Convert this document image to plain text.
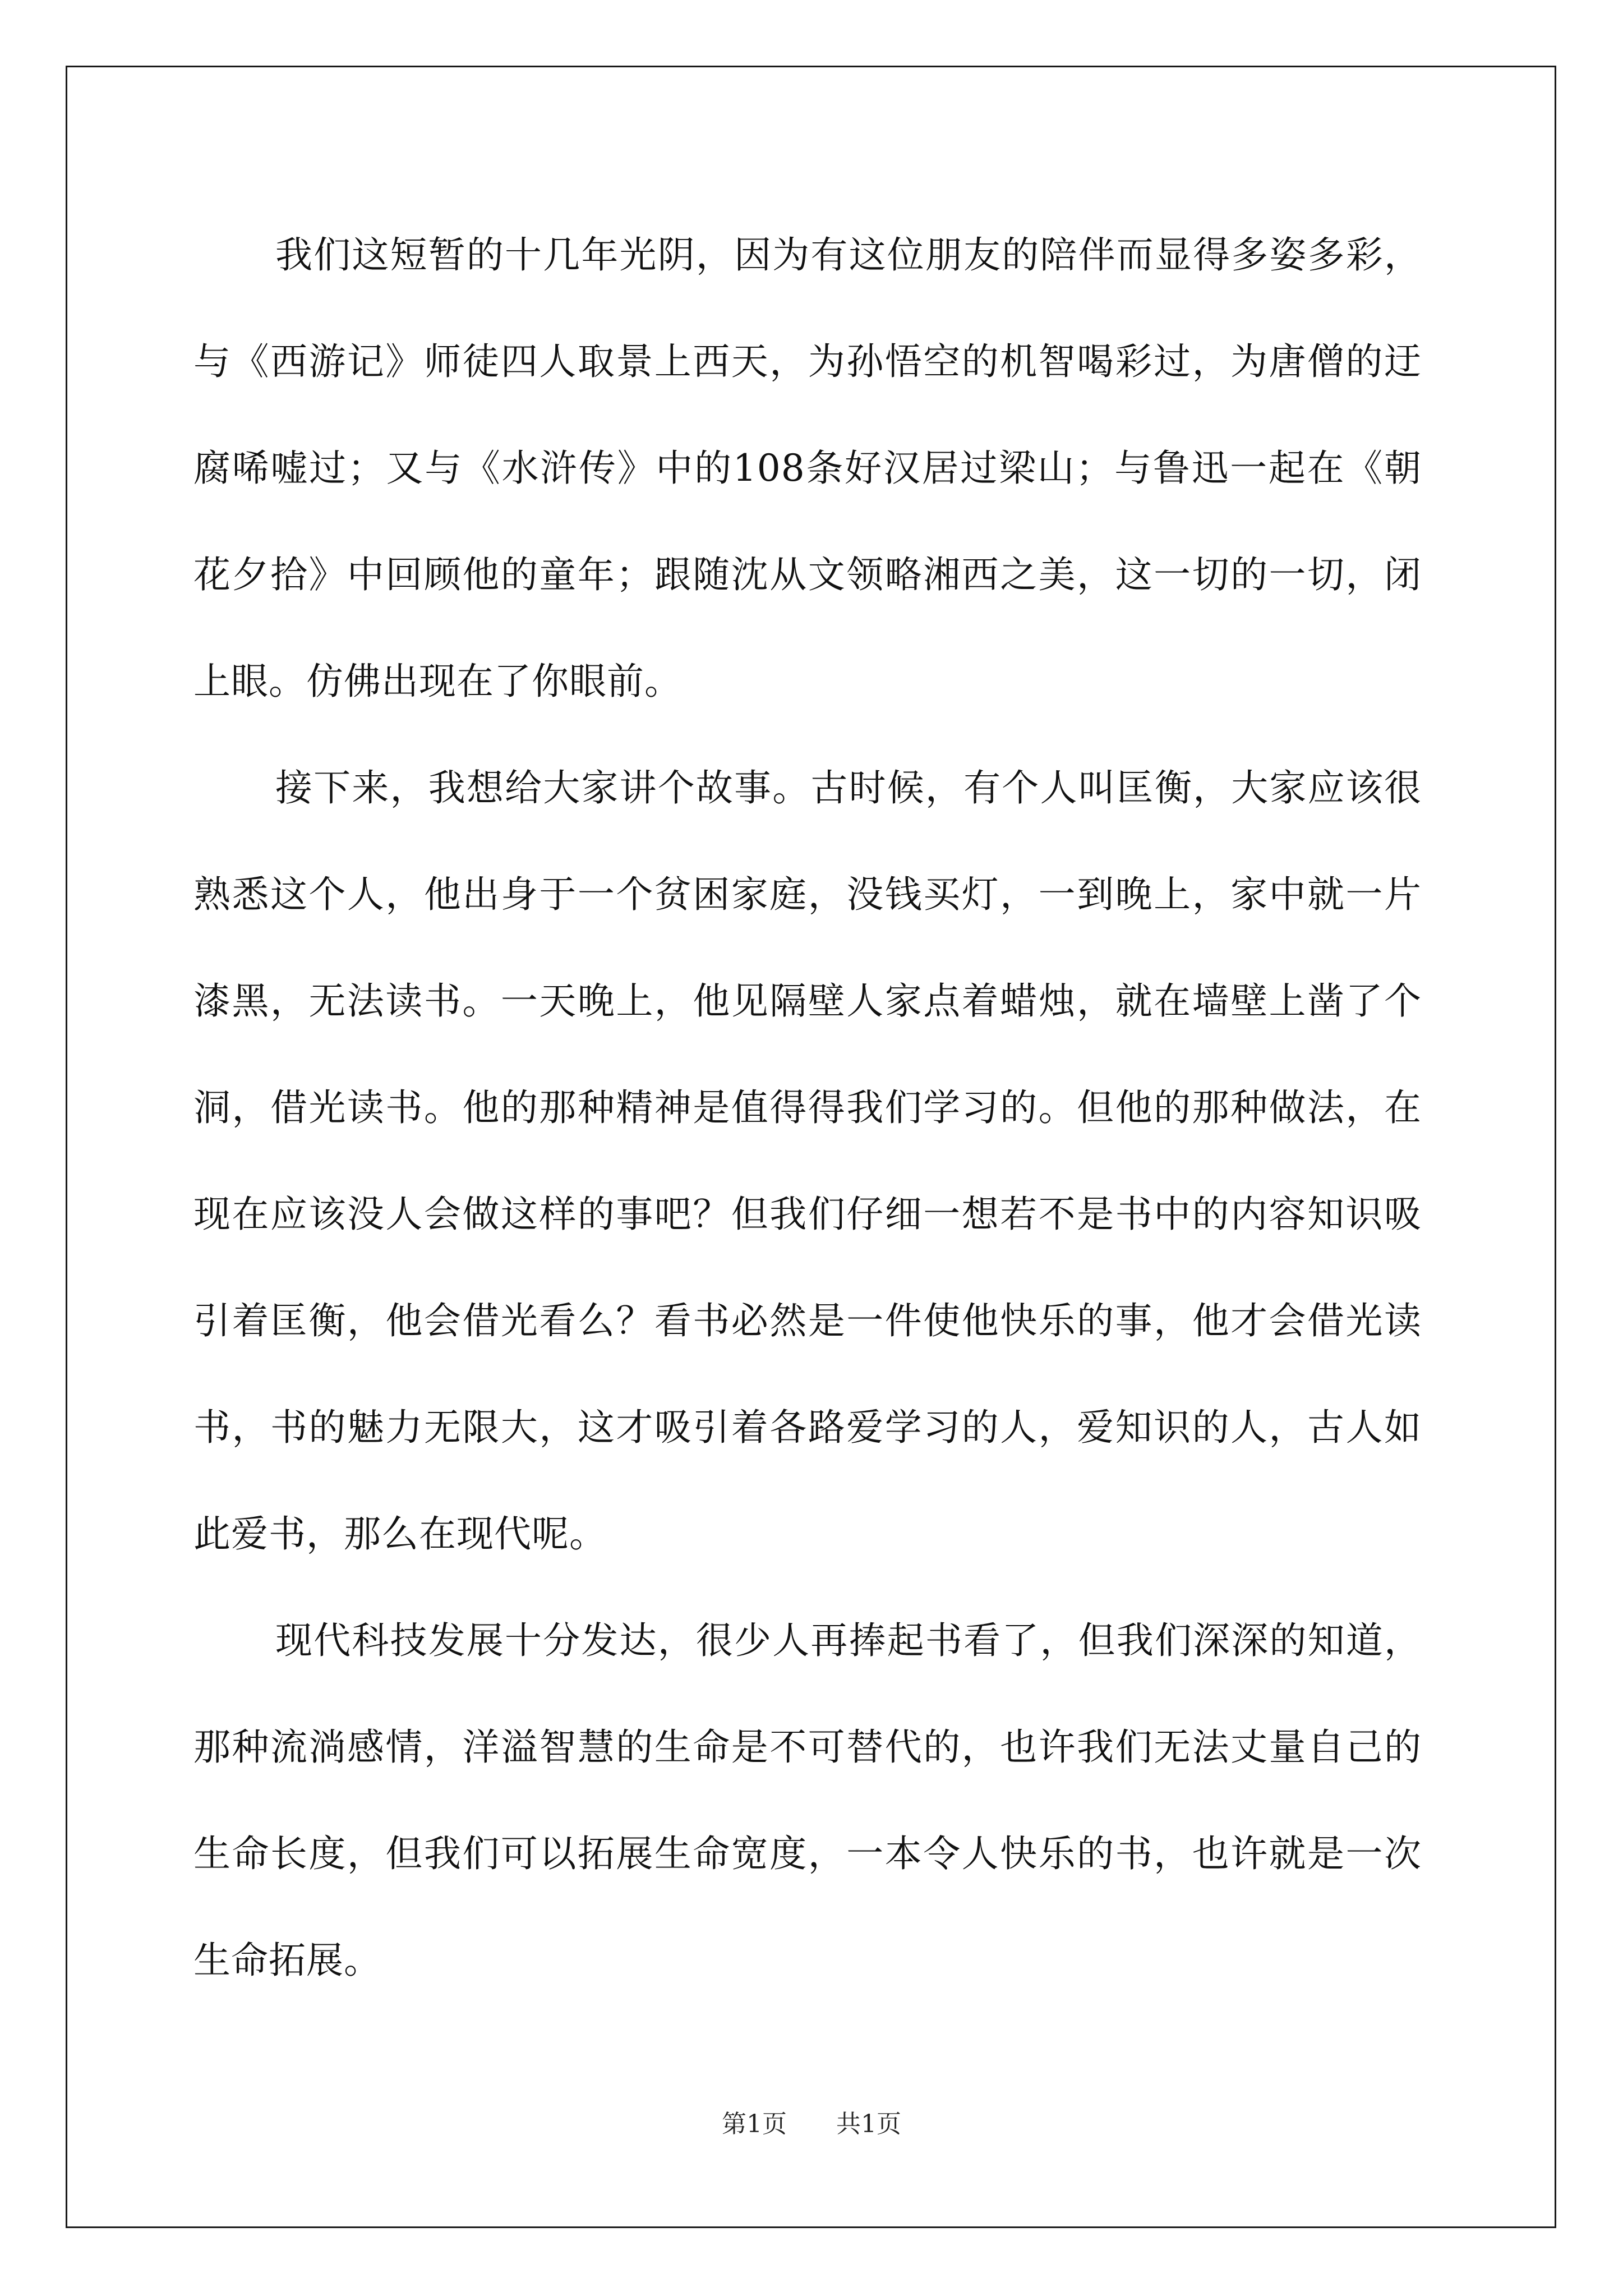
我们这短暂的十几年光阴，因为有这位朋友的陪伴而显得多姿多彩，与《西游记》师徒四人取景上西天，为孙悟空的机智喝彩过，为唐僧的迂腐唏嘘过；又与《水浒传》中的108条好汉居过梁山；与鲁迅一起在《朝花夕拾》中回顾他的童年；跟随沈从文领略湘西之美，这一切的一切，闭上眼。仿佛出现在了你眼前。

接下来，我想给大家讲个故事。古时候，有个人叫匡衡，大家应该很熟悉这个人，他出身于一个贫困家庭，没钱买灯，一到晚上，家中就一片漆黑，无法读书。一天晚上，他见隔壁人家点着蜡烛，就在墙壁上凿了个洞，借光读书。他的那种精神是值得得我们学习的。但他的那种做法，在现在应该没人会做这样的事吧？但我们仔细一想若不是书中的内容知识吸引着匡衡，他会借光看么？看书必然是一件使他快乐的事，他才会借光读书，书的魅力无限大，这才吸引着各路爱学习的人，爱知识的人，古人如此爱书，那么在现代呢。

现代科技发展十分发达，很少人再捧起书看了，但我们深深的知道，那种流淌感情，洋溢智慧的生命是不可替代的，也许我们无法丈量自己的生命长度，但我们可以拓展生命宽度，一本令人快乐的书，也许就是一次生命拓展。

第1页 共1页
